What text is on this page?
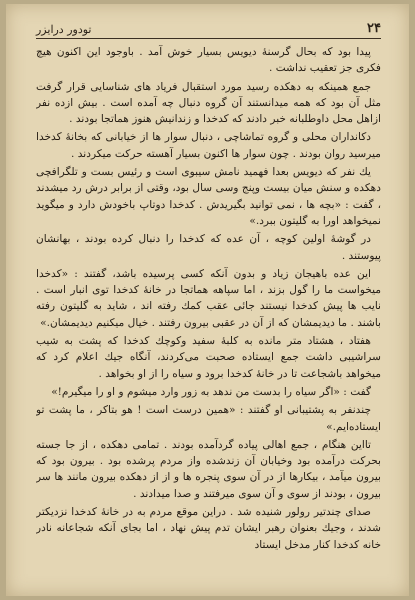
۲۴
تودور درایزر

پیدا بود که بحال گرسنهٔ دیویس بسیار خوش آمد . باوجود این اکنون هیچ فکری جز تعقیب نداشت .

جمع همینکه به دهکده رسید مورد استقبال فریاد های شناسایی قرار گرفت مثل آن بود که همه میدانستند آن گروه دنبال چه آمده است . بیش ازده نفر ازاهل محل داوطلبانه خبر دادند که کدخدا و زندانیش هنوز هماتجا بودند .

دکانداران محلی و گروه تماشاچی ، دنبال سوار ها از خیابانی که بخانهٔ کدخدا میرسید روان بودند . چون سوار ها اکنون بسیار آهسته حرکت میکردند .

یك نفر که دیویس بعدا فهمید نامش سیبوی است و رئیس بست و تلگرافچی دهکده و سنش میان بیست وپنج وسی سال بود، وقتی از برابر درش رد میشدند ، گفت : «بچه ها ، نمی توانید بگیریدش . کدخدا دوتاپ باخودش دارد و میگوید نمیخواهد اورا به گلیتون ببرد.»

در گوشهٔ اولین کوچه ، آن عده که کدخدا را دنبال کرده بودند ، بهانشان پیوستند .

این عده باهیجان زیاد و بدون آنکه کسی پرسیده باشد، گفتند : «کدخدا میخواست ما را گول بزند ، اما سپاهه هماتجا در خانهٔ کدخدا توی انبار است . نایب ها پیش کدخدا نیستند جائی عقب کمك رفته اند ، شاید به گلیتون رفته باشند . ما دیدیمشان که از آن در عقبی بیرون رفتند . خیال میکنیم دیدیمشان.»

هفتاد ، هشتاد متر مانده به کلبهٔ سفید وکوچك کدخدا که پشت به شیب سراشیبی داشت جمع ایستاده صحبت می‌کردند، آنگاه جیك اعلام کرد که میخواهد باشجاعت تا در خانهٔ کدخدا برود و سیاه را از او بخواهد .

گفت : «اگر سیاه را بدست من ندهد به زور وارد میشوم و او را میگیرم!»

چندنفر به پشتیبانی او گفتند : «همین درست است ! هو بتاکر ، ما پشت تو ایستاده‌ایم.»

تااین هنگام ، جمع اهالی پیاده گردآمده بودند . تمامی دهکده ، از جا جسته بحرکت درآمده بود وخیابان آن زندشده واز مردم پرشده بود . بیرون بود که بیرون میآمد ، بیکارها از در آن سوی پنجره ها و از از دهکده بیرون مانند ها سر بیرون ، بودند از سوی و آن سوی میرفتند و صدا میدادند .

صدای چندتیر رولور شنیده شد . دراین موقع مردم به در خانهٔ کدخدا نزدیکتر شدند ، وجیك بعنوان رهبر ایشان تدم پیش نهاد ، اما بجای آنکه شجاعانه نادر خانه کدخدا کنار مدخل ایستاد
